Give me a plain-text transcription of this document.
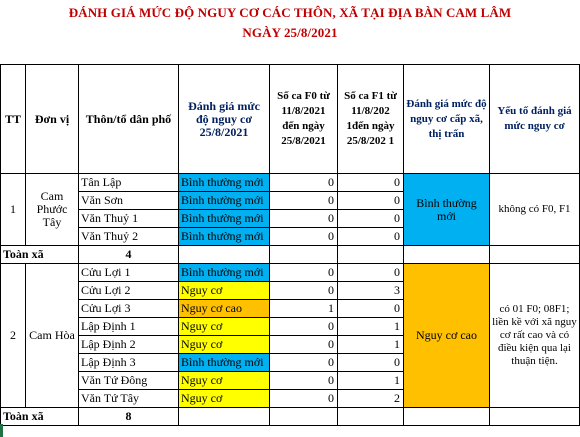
ĐÁNH GIÁ MỨC ĐỘ NGUY CƠ CÁC THÔN, XÃ TẠI ĐỊA BÀN CAM LÂM
NGÀY 25/8/2021
TT	Đơn vị	Thôn/tổ dân phố	Đánh giá mức độ nguy cơ 25/8/2021	Số ca F0 từ 11/8/2021 đến ngày 25/8/2021	Số ca F1 từ 11/8/202 1đến ngày 25/8/202 1	Đánh giá mức độ nguy cơ cấp xã, thị trấn	Yếu tố đánh giá mức nguy cơ
1	Cam Phước Tây	Tân Lập	Bình thường mới	0	0	Bình thường mới	không có F0, F1
		Văn Sơn	Bình thường mới	0	0		
		Văn Thuỷ 1	Bình thường mới	0	0		
		Văn Thuỷ 2	Bình thường mới	0	0		
Toàn xã		4					
2	Cam Hòa	Cửu Lợi 1	Bình thường mới	0	0	Nguy cơ cao	có 01 F0; 08F1; liền kề với xã nguy cơ rất cao và có điều kiện qua lại thuận tiện.
		Cửu Lợi 2	Nguy cơ	0	3		
		Cửu Lợi 3	Nguy cơ cao	1	0		
		Lập Định 1	Nguy cơ	0	1		
		Lập Định 2	Nguy cơ	0	1		
		Lập Định 3	Bình thường mới	0	0		
		Văn Tứ Đông	Nguy cơ	0	1		
		Văn Tứ Tây	Nguy cơ	0	2		
Toàn xã		8					
